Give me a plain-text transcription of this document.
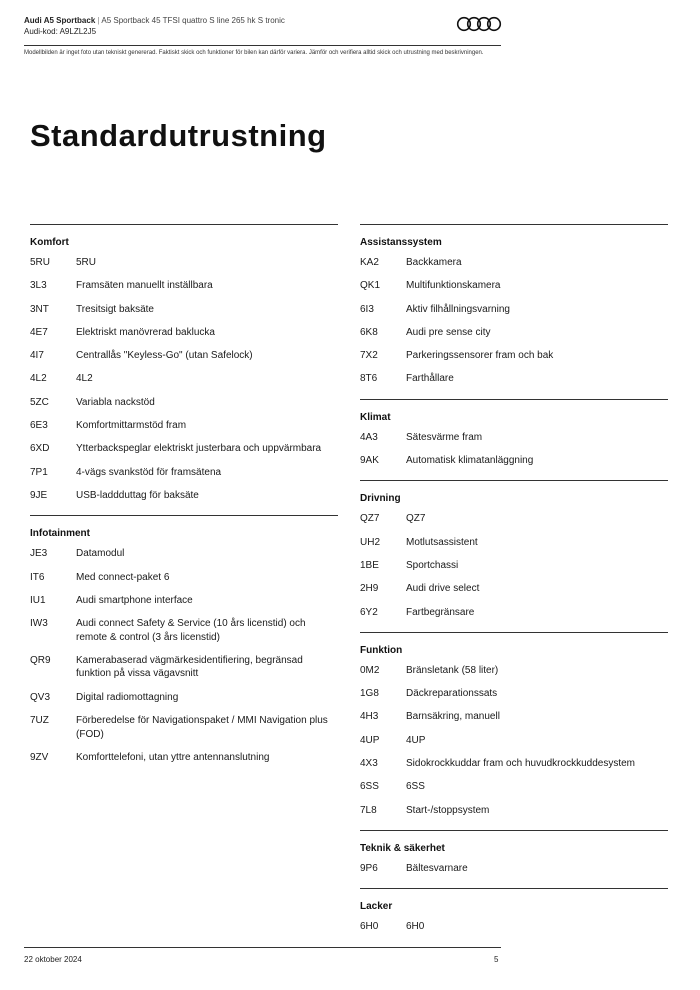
Audi A5 Sportback | A5 Sportback 45 TFSI quattro S line 265 hk S tronic
Audi-kod: A9LZL2J5
Modellbilden är inget foto utan tekniskt genererad. Faktiskt skick och funktioner för bilen kan därför variera. Jämför och verifiera alltid skick och utrustning med beskrivningen.
Standardutrustning
Komfort
5RU	5RU
3L3	Framsäten manuellt inställbara
3NT	Tresitsigt baksäte
4E7	Elektriskt manövrerad baklucka
4I7	Centrallås "Keyless-Go" (utan Safelock)
4L2	4L2
5ZC	Variabla nackstöd
6E3	Komfortmittarmstöd fram
6XD	Ytterbackspeglar elektriskt justerbara och uppvärmbara
7P1	4-vägs svankstöd för framsätena
9JE	USB-laddduttag för baksäte
Infotainment
JE3	Datamodul
IT6	Med connect-paket 6
IU1	Audi smartphone interface
IW3	Audi connect Safety & Service (10 års licenstid) och remote & control (3 års licenstid)
QR9	Kamerabaserad vägmärkesidentifiering, begränsad funktion på vissa vägavsnitt
QV3	Digital radiomottagning
7UZ	Förberedelse för Navigationspaket / MMI Navigation plus (FOD)
9ZV	Komforttelefoni, utan yttre antennanslutning
Assistanssystem
KA2	Backkamera
QK1	Multifunktionskamera
6I3	Aktiv filhållningsvarning
6K8	Audi pre sense city
7X2	Parkeringssensorer fram och bak
8T6	Farthållare
Klimat
4A3	Sätesvärme fram
9AK	Automatisk klimatanläggning
Drivning
QZ7	QZ7
UH2	Motlutsassistent
1BE	Sportchassi
2H9	Audi drive select
6Y2	Fartbegränsare
Funktion
0M2	Bränsletank (58 liter)
1G8	Däckreparationssats
4H3	Barnsäkring, manuell
4UP	4UP
4X3	Sidokrockkuddar fram och huvudkrockkuddesystem
6SS	6SS
7L8	Start-/stoppsystem
Teknik & säkerhet
9P6	Bältesvarnare
Lacker
6H0	6H0
22 oktober 2024	5
